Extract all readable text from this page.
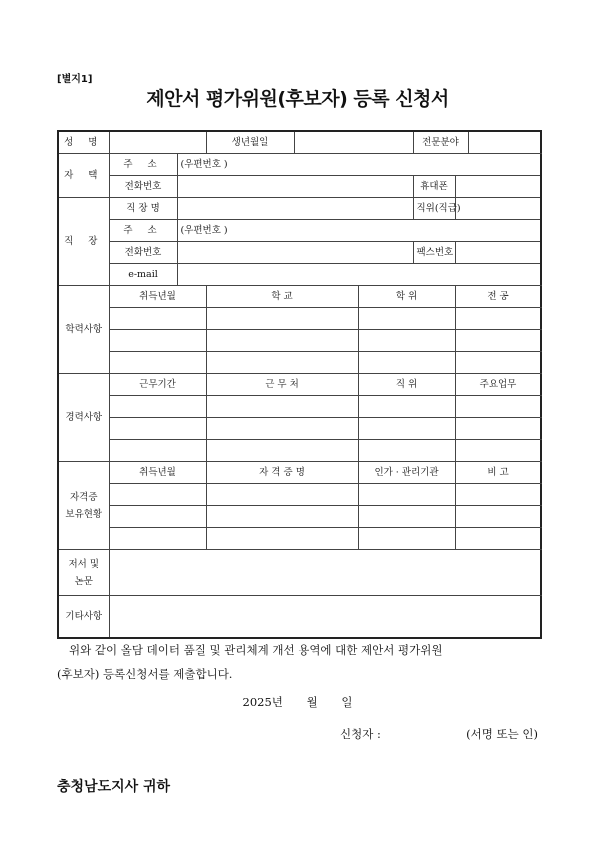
[별지1]
제안서 평가위원(후보자) 등록 신청서
성 명			생년월일			전문분야		
자 택	주 소	(우편번호 )						
	전화번호					휴대폰		
직 장	직 장 명					직위(직급)		
	주 소	(우편번호 )						
	전화번호					팩스번호		
	e-mail							
학력사항	취득년월		학 교		학 위		전 공	

경력사항	근무기간		근 무 처		직 위		주요업무	

자격증
보유현황	취득년월		자 격 증 명		인가 · 관리기관		비 고	

저서 및
논문								
기타사항								
위와 같이 올담 데이터 품질 및 관리체계 개선 용역에 대한 제안서 평가위원
(후보자) 등록신청서를 제출합니다.
2025년 월 일
신청자 :	(서명 또는 인)
충청남도지사 귀하
